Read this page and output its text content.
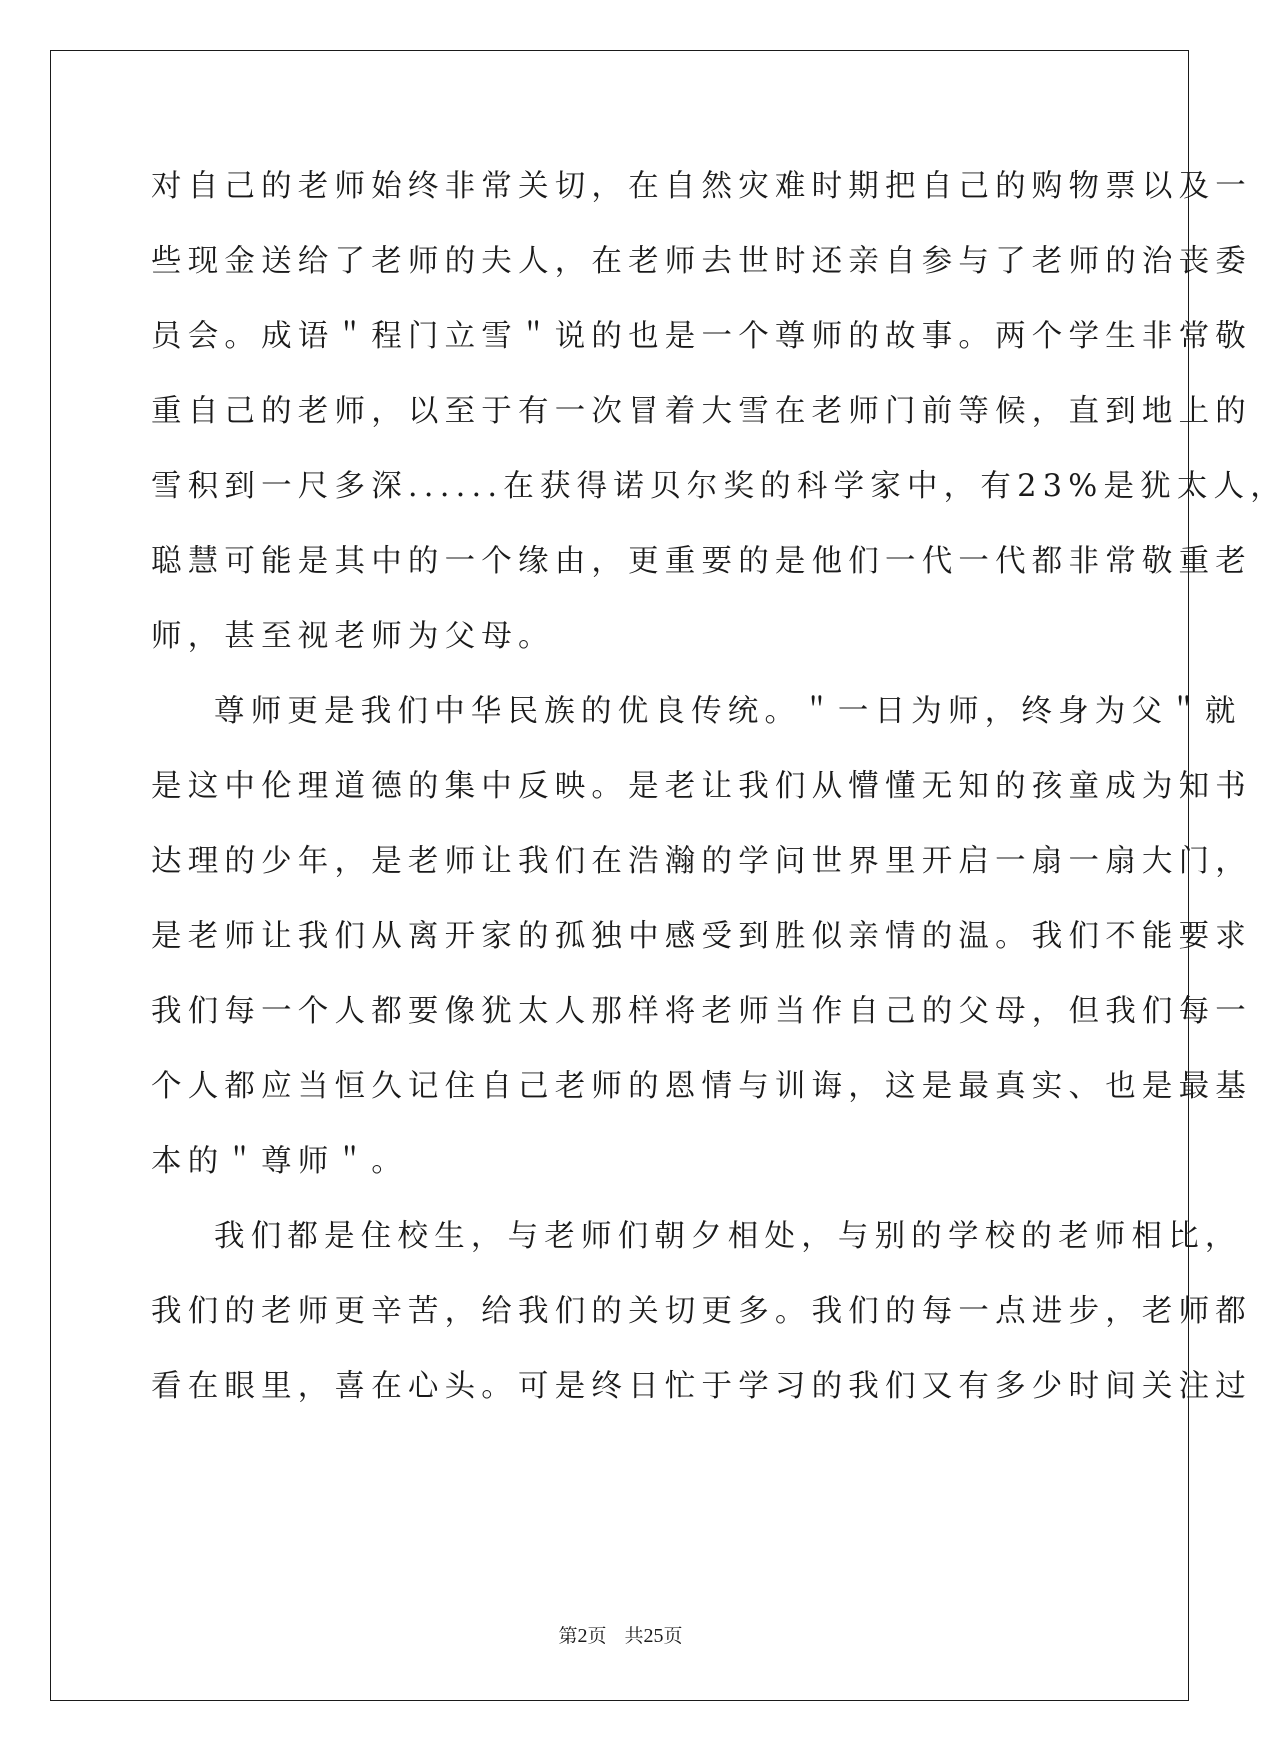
对自己的老师始终非常关切，在自然灾难时期把自己的购物票以及一
些现金送给了老师的夫人，在老师去世时还亲自参与了老师的治丧委
员会。成语＂程门立雪＂说的也是一个尊师的故事。两个学生非常敬
重自己的老师，以至于有一次冒着大雪在老师门前等候，直到地上的
雪积到一尺多深......在获得诺贝尔奖的科学家中，有23%是犹太人，
聪慧可能是其中的一个缘由，更重要的是他们一代一代都非常敬重老
师，甚至视老师为父母。
尊师更是我们中华民族的优良传统。＂一日为师，终身为父＂就
是这中伦理道德的集中反映。是老让我们从懵懂无知的孩童成为知书
达理的少年，是老师让我们在浩瀚的学问世界里开启一扇一扇大门，
是老师让我们从离开家的孤独中感受到胜似亲情的温。我们不能要求
我们每一个人都要像犹太人那样将老师当作自己的父母，但我们每一
个人都应当恒久记住自己老师的恩情与训诲，这是最真实、也是最基
本的＂尊师＂。
我们都是住校生，与老师们朝夕相处，与别的学校的老师相比，
我们的老师更辛苦，给我们的关切更多。我们的每一点进步，老师都
看在眼里，喜在心头。可是终日忙于学习的我们又有多少时间关注过
第2页 共25页
